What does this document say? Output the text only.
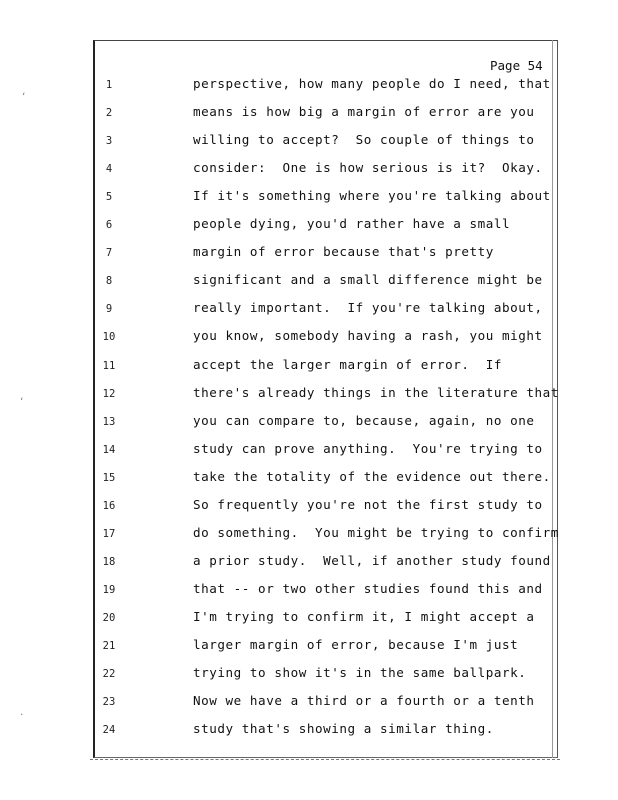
ʻ
ʻ
·
Page 54
1	perspective, how many people do I need, that
2	means is how big a margin of error are you
3	willing to accept?  So couple of things to
4	consider:  One is how serious is it?  Okay.
5	If it's something where you're talking about
6	people dying, you'd rather have a small
7	margin of error because that's pretty
8	significant and a small difference might be
9	really important.  If you're talking about,
10	you know, somebody having a rash, you might
11	accept the larger margin of error.  If
12	there's already things in the literature that
13	you can compare to, because, again, no one
14	study can prove anything.  You're trying to
15	take the totality of the evidence out there.
16	So frequently you're not the first study to
17	do something.  You might be trying to confirm
18	a prior study.  Well, if another study found
19	that -- or two other studies found this and
20	I'm trying to confirm it, I might accept a
21	larger margin of error, because I'm just
22	trying to show it's in the same ballpark.
23	Now we have a third or a fourth or a tenth
24	study that's showing a similar thing.
